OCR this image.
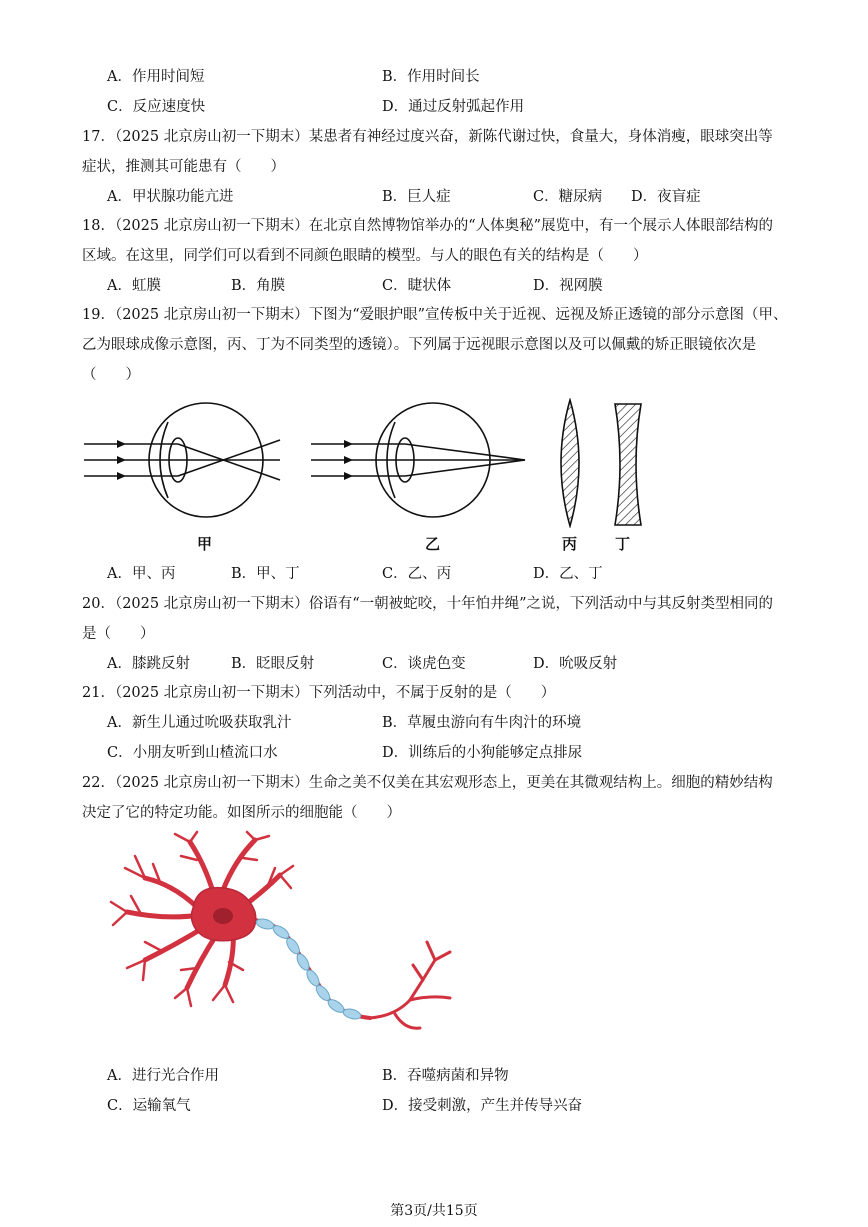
A．作用时间短	B．作用时间长
C．反应速度快	D．通过反射弧起作用
17．（2025 北京房山初一下期末）某患者有神经过度兴奋，新陈代谢过快，食量大，身体消瘦，眼球突出等
症状，推测其可能患有（　　）
A．甲状腺功能亢进	B．巨人症	C．糖尿病 D．夜盲症
18．（2025 北京房山初一下期末）在北京自然博物馆举办的“人体奥秘”展览中，有一个展示人体眼部结构的
区域。在这里，同学们可以看到不同颜色眼睛的模型。与人的眼色有关的结构是（　　）
A．虹膜	B．角膜	C．睫状体	D．视网膜
19．（2025 北京房山初一下期末）下图为“爱眼护眼”宣传板中关于近视、远视及矫正透镜的部分示意图（甲、
乙为眼球成像示意图，丙、丁为不同类型的透镜）。下列属于远视眼示意图以及可以佩戴的矫正眼镜依次是
（　　）
甲	乙	丙	丁
A．甲、丙	B．甲、丁	C．乙、丙	D．乙、丁
20．（2025 北京房山初一下期末）俗语有“一朝被蛇咬，十年怕井绳”之说，下列活动中与其反射类型相同的
是（　　）
A．膝跳反射	B．眨眼反射	C．谈虎色变	D．吮吸反射
21．（2025 北京房山初一下期末）下列活动中，不属于反射的是（　　）
A．新生儿通过吮吸获取乳汁	B．草履虫游向有牛肉汁的环境
C．小朋友听到山楂流口水	D．训练后的小狗能够定点排尿
22．（2025 北京房山初一下期末）生命之美不仅美在其宏观形态上，更美在其微观结构上。细胞的精妙结构
决定了它的特定功能。如图所示的细胞能（　　）
A．进行光合作用	B．吞噬病菌和异物
C．运输氧气	D．接受刺激，产生并传导兴奋
第3页/共15页
